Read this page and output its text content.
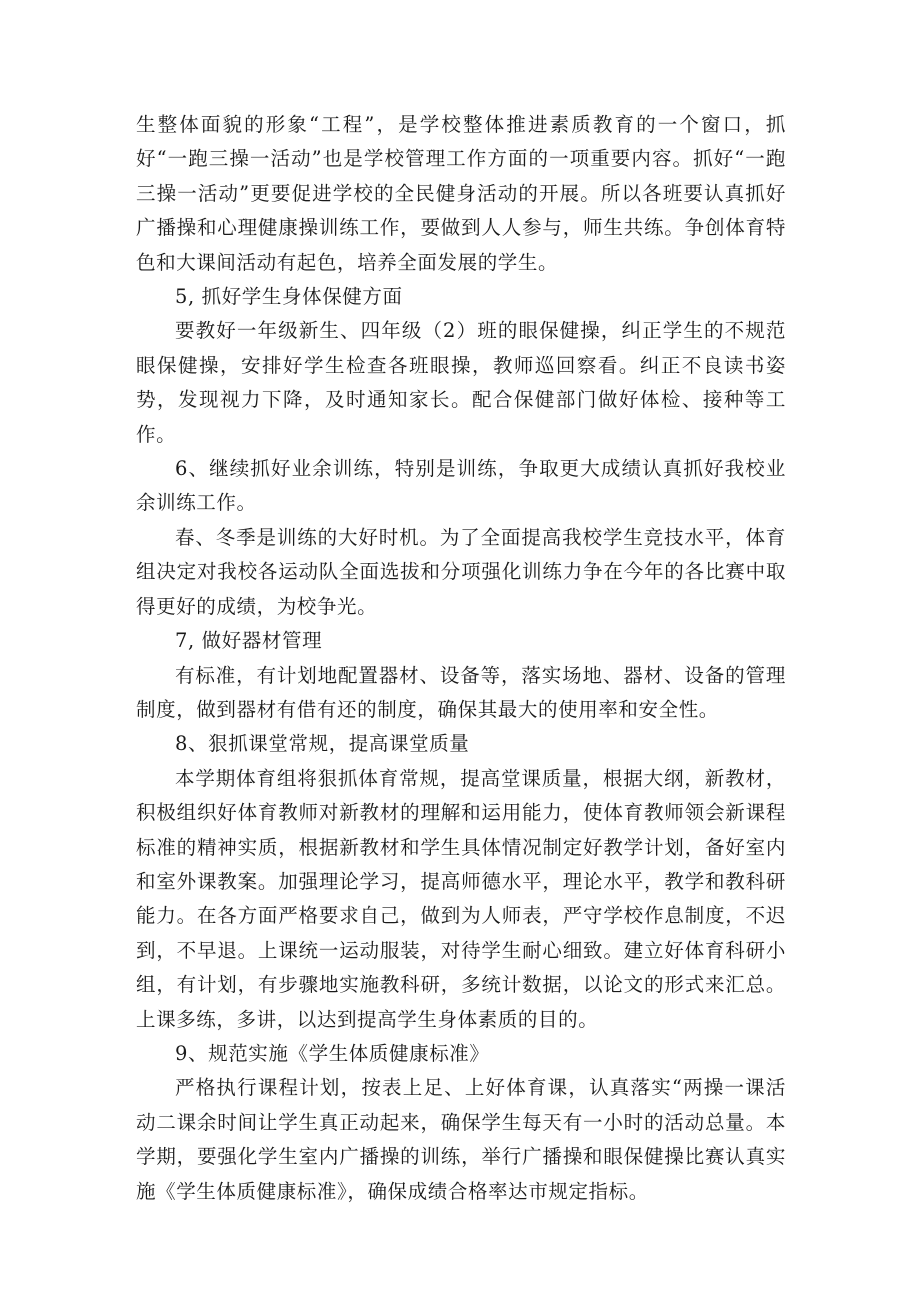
生整体面貌的形象“工程”，是学校整体推进素质教育的一个窗口，抓好“一跑三操一活动”也是学校管理工作方面的一项重要内容。抓好“一跑三操一活动”更要促进学校的全民健身活动的开展。所以各班要认真抓好广播操和心理健康操训练工作，要做到人人参与，师生共练。争创体育特色和大课间活动有起色，培养全面发展的学生。

5, 抓好学生身体保健方面

要教好一年级新生、四年级（2）班的眼保健操，纠正学生的不规范眼保健操，安排好学生检查各班眼操，教师巡回察看。纠正不良读书姿势，发现视力下降，及时通知家长。配合保健部门做好体检、接种等工作。

6、继续抓好业余训练，特别是训练，争取更大成绩认真抓好我校业余训练工作。

春、冬季是训练的大好时机。为了全面提高我校学生竞技水平，体育组决定对我校各运动队全面选拔和分项强化训练力争在今年的各比赛中取得更好的成绩，为校争光。

7, 做好器材管理

有标准，有计划地配置器材、设备等，落实场地、器材、设备的管理制度，做到器材有借有还的制度，确保其最大的使用率和安全性。

8、狠抓课堂常规，提高课堂质量

本学期体育组将狠抓体育常规，提高堂课质量，根据大纲，新教材，积极组织好体育教师对新教材的理解和运用能力，使体育教师领会新课程标准的精神实质，根据新教材和学生具体情况制定好教学计划，备好室内和室外课教案。加强理论学习，提高师德水平，理论水平，教学和教科研能力。在各方面严格要求自己，做到为人师表，严守学校作息制度，不迟到，不早退。上课统一运动服装，对待学生耐心细致。建立好体育科研小组，有计划，有步骤地实施教科研，多统计数据，以论文的形式来汇总。上课多练，多讲，以达到提高学生身体素质的目的。

9、规范实施《学生体质健康标准》

严格执行课程计划，按表上足、上好体育课，认真落实“两操一课活动二课余时间让学生真正动起来，确保学生每天有一小时的活动总量。本学期，要强化学生室内广播操的训练，举行广播操和眼保健操比赛认真实施《学生体质健康标准》，确保成绩合格率达市规定指标。
